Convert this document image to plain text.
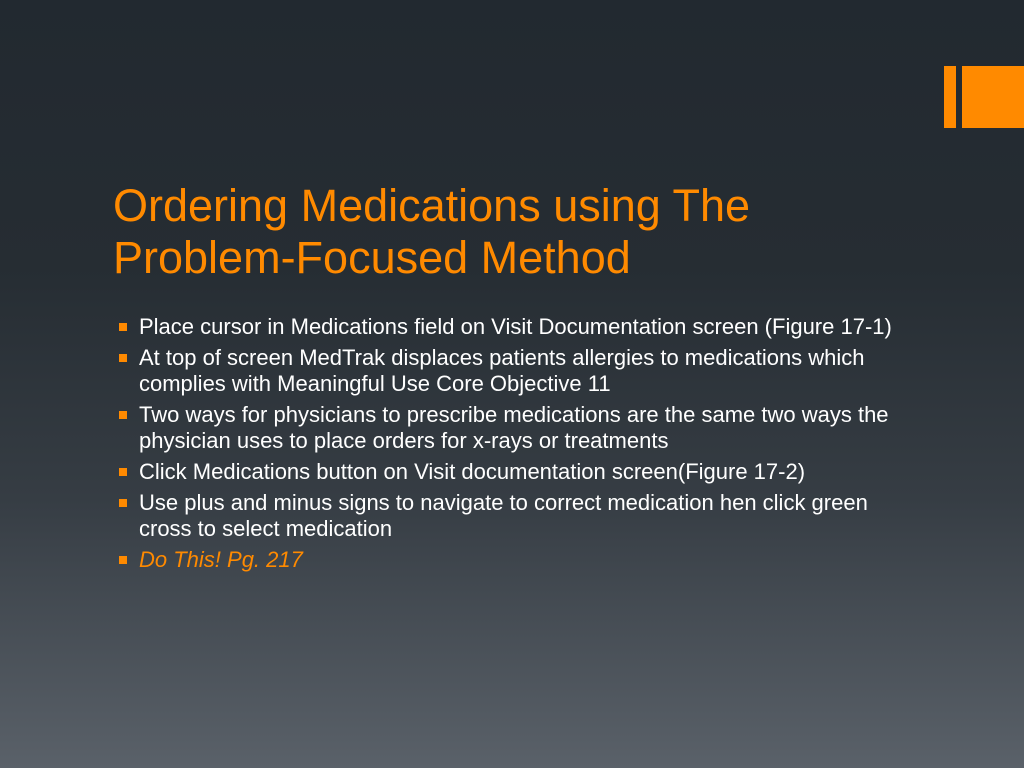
Ordering Medications using The Problem-Focused Method
Place cursor in Medications field on Visit Documentation screen (Figure 17-1)
At top of screen MedTrak displaces patients allergies to medications which complies with Meaningful Use Core Objective 11
Two ways for physicians to prescribe medications are the same two ways the physician uses to place orders for x-rays or treatments
Click Medications button on Visit documentation screen(Figure 17-2)
Use plus and minus signs to navigate to correct medication hen click green cross to select medication
Do This! Pg. 217
